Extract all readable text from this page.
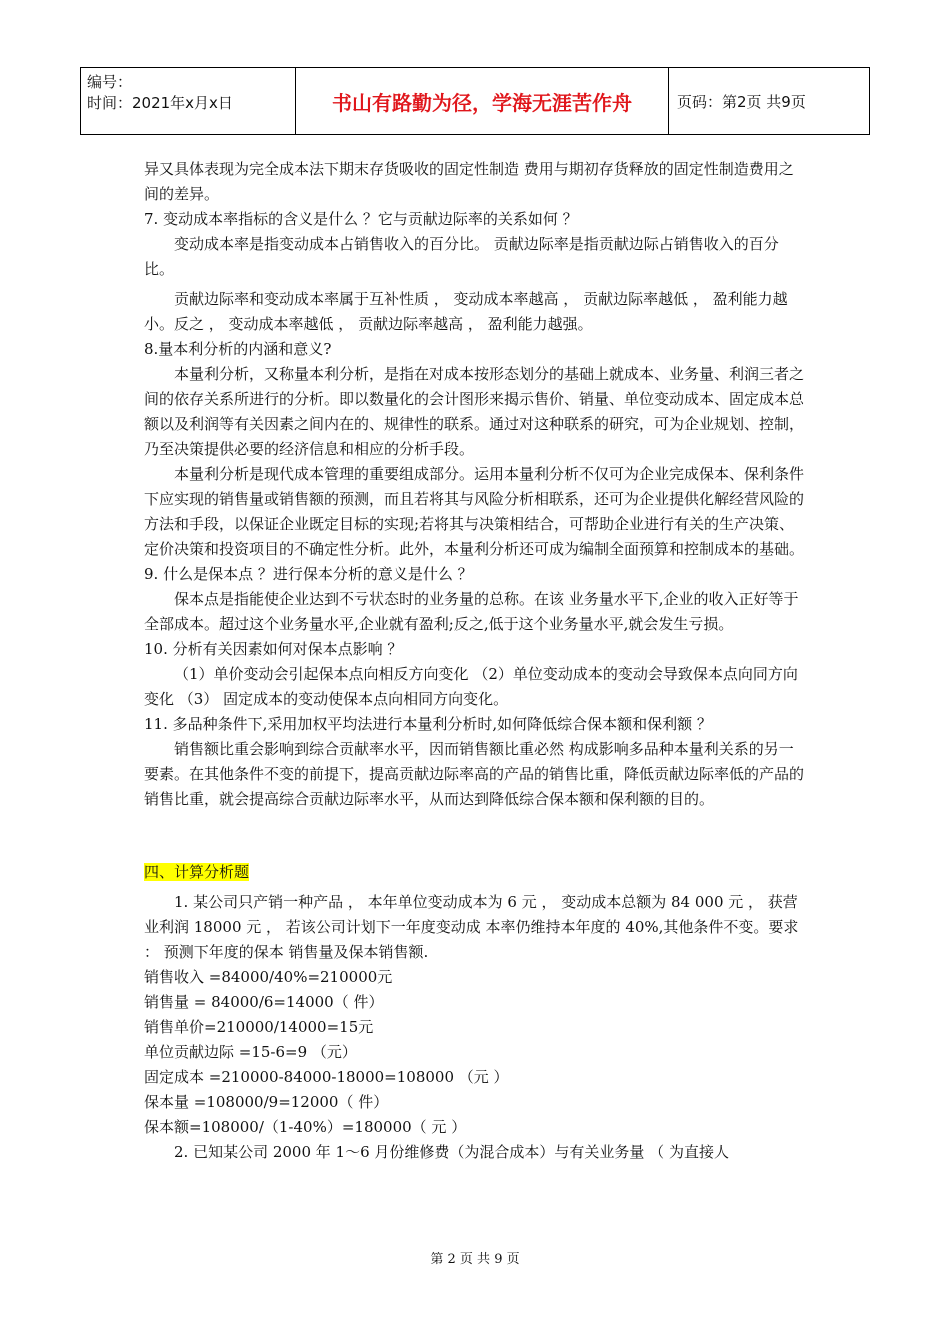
编号：
时间：2021年x月x日	书山有路勤为径，学海无涯苦作舟	页码：第2页 共9页

异又具体表现为完全成本法下期末存货吸收的固定性制造 费用与期初存货释放的固定性制造费用之间的差异。

7. 变动成本率指标的含义是什么 ？它与贡献边际率的关系如何 ？

变动成本率是指变动成本占销售收入的百分比。 贡献边际率是指贡献边际占销售收入的百分比。

贡献边际率和变动成本率属于互补性质 ， 变动成本率越高 ， 贡献边际率越低 ， 盈利能力越小。反之 ， 变动成本率越低 ， 贡献边际率越高 ， 盈利能力越强。

8.量本利分析的内涵和意义?

本量利分析，又称量本利分析，是指在对成本按形态划分的基础上就成本、业务量、利润三者之间的依存关系所进行的分析。即以数量化的会计图形来揭示售价、销量、单位变动成本、固定成本总额以及利润等有关因素之间内在的、规律性的联系。通过对这种联系的研究，可为企业规划、控制，乃至决策提供必要的经济信息和相应的分析手段。

本量利分析是现代成本管理的重要组成部分。运用本量利分析不仅可为企业完成保本、保利条件下应实现的销售量或销售额的预测，而且若将其与风险分析相联系，还可为企业提供化解经营风险的方法和手段，以保证企业既定目标的实现;若将其与决策相结合，可帮助企业进行有关的生产决策、定价决策和投资项目的不确定性分析。此外，本量利分析还可成为编制全面预算和控制成本的基础。

9. 什么是保本点 ？进行保本分析的意义是什么 ？

保本点是指能使企业达到不亏状态时的业务量的总称。在该 业务量水平下,企业的收入正好等于全部成本。超过这个业务量水平,企业就有盈利;反之,低于这个业务量水平,就会发生亏损。

10. 分析有关因素如何对保本点影响 ？

（1）单价变动会引起保本点向相反方向变化 （2）单位变动成本的变动会导致保本点向同方向变化 （3） 固定成本的变动使保本点向相同方向变化。

11. 多品种条件下,采用加权平均法进行本量利分析时,如何降低综合保本额和保利额 ？

销售额比重会影响到综合贡献率水平，因而销售额比重必然 构成影响多品种本量利关系的另一要素。在其他条件不变的前提下，提高贡献边际率高的产品的销售比重，降低贡献边际率低的产品的销售比重，就会提高综合贡献边际率水平，从而达到降低综合保本额和保利额的目的。

四、计算分析题

1. 某公司只产销一种产品 ， 本年单位变动成本为 6 元 ， 变动成本总额为 84 000 元 ， 获营业利润 18000 元 ， 若该公司计划下一年度变动成 本率仍维持本年度的 40%,其他条件不变。要求 ： 预测下年度的保本 销售量及保本销售额.

销售收入 =84000/40%=210000元

销售量 = 84000/6=14000（ 件）

销售单价=210000/14000=15元

单位贡献边际 =15-6=9 （元）

固定成本 =210000-84000-18000=108000 （元 ）

保本量 =108000/9=12000（ 件）

保本额=108000/（1-40%）=180000（ 元 ）

2. 已知某公司 2000 年 1～6 月份维修费（为混合成本）与有关业务量 （ 为直接人

第 2 页 共 9 页
